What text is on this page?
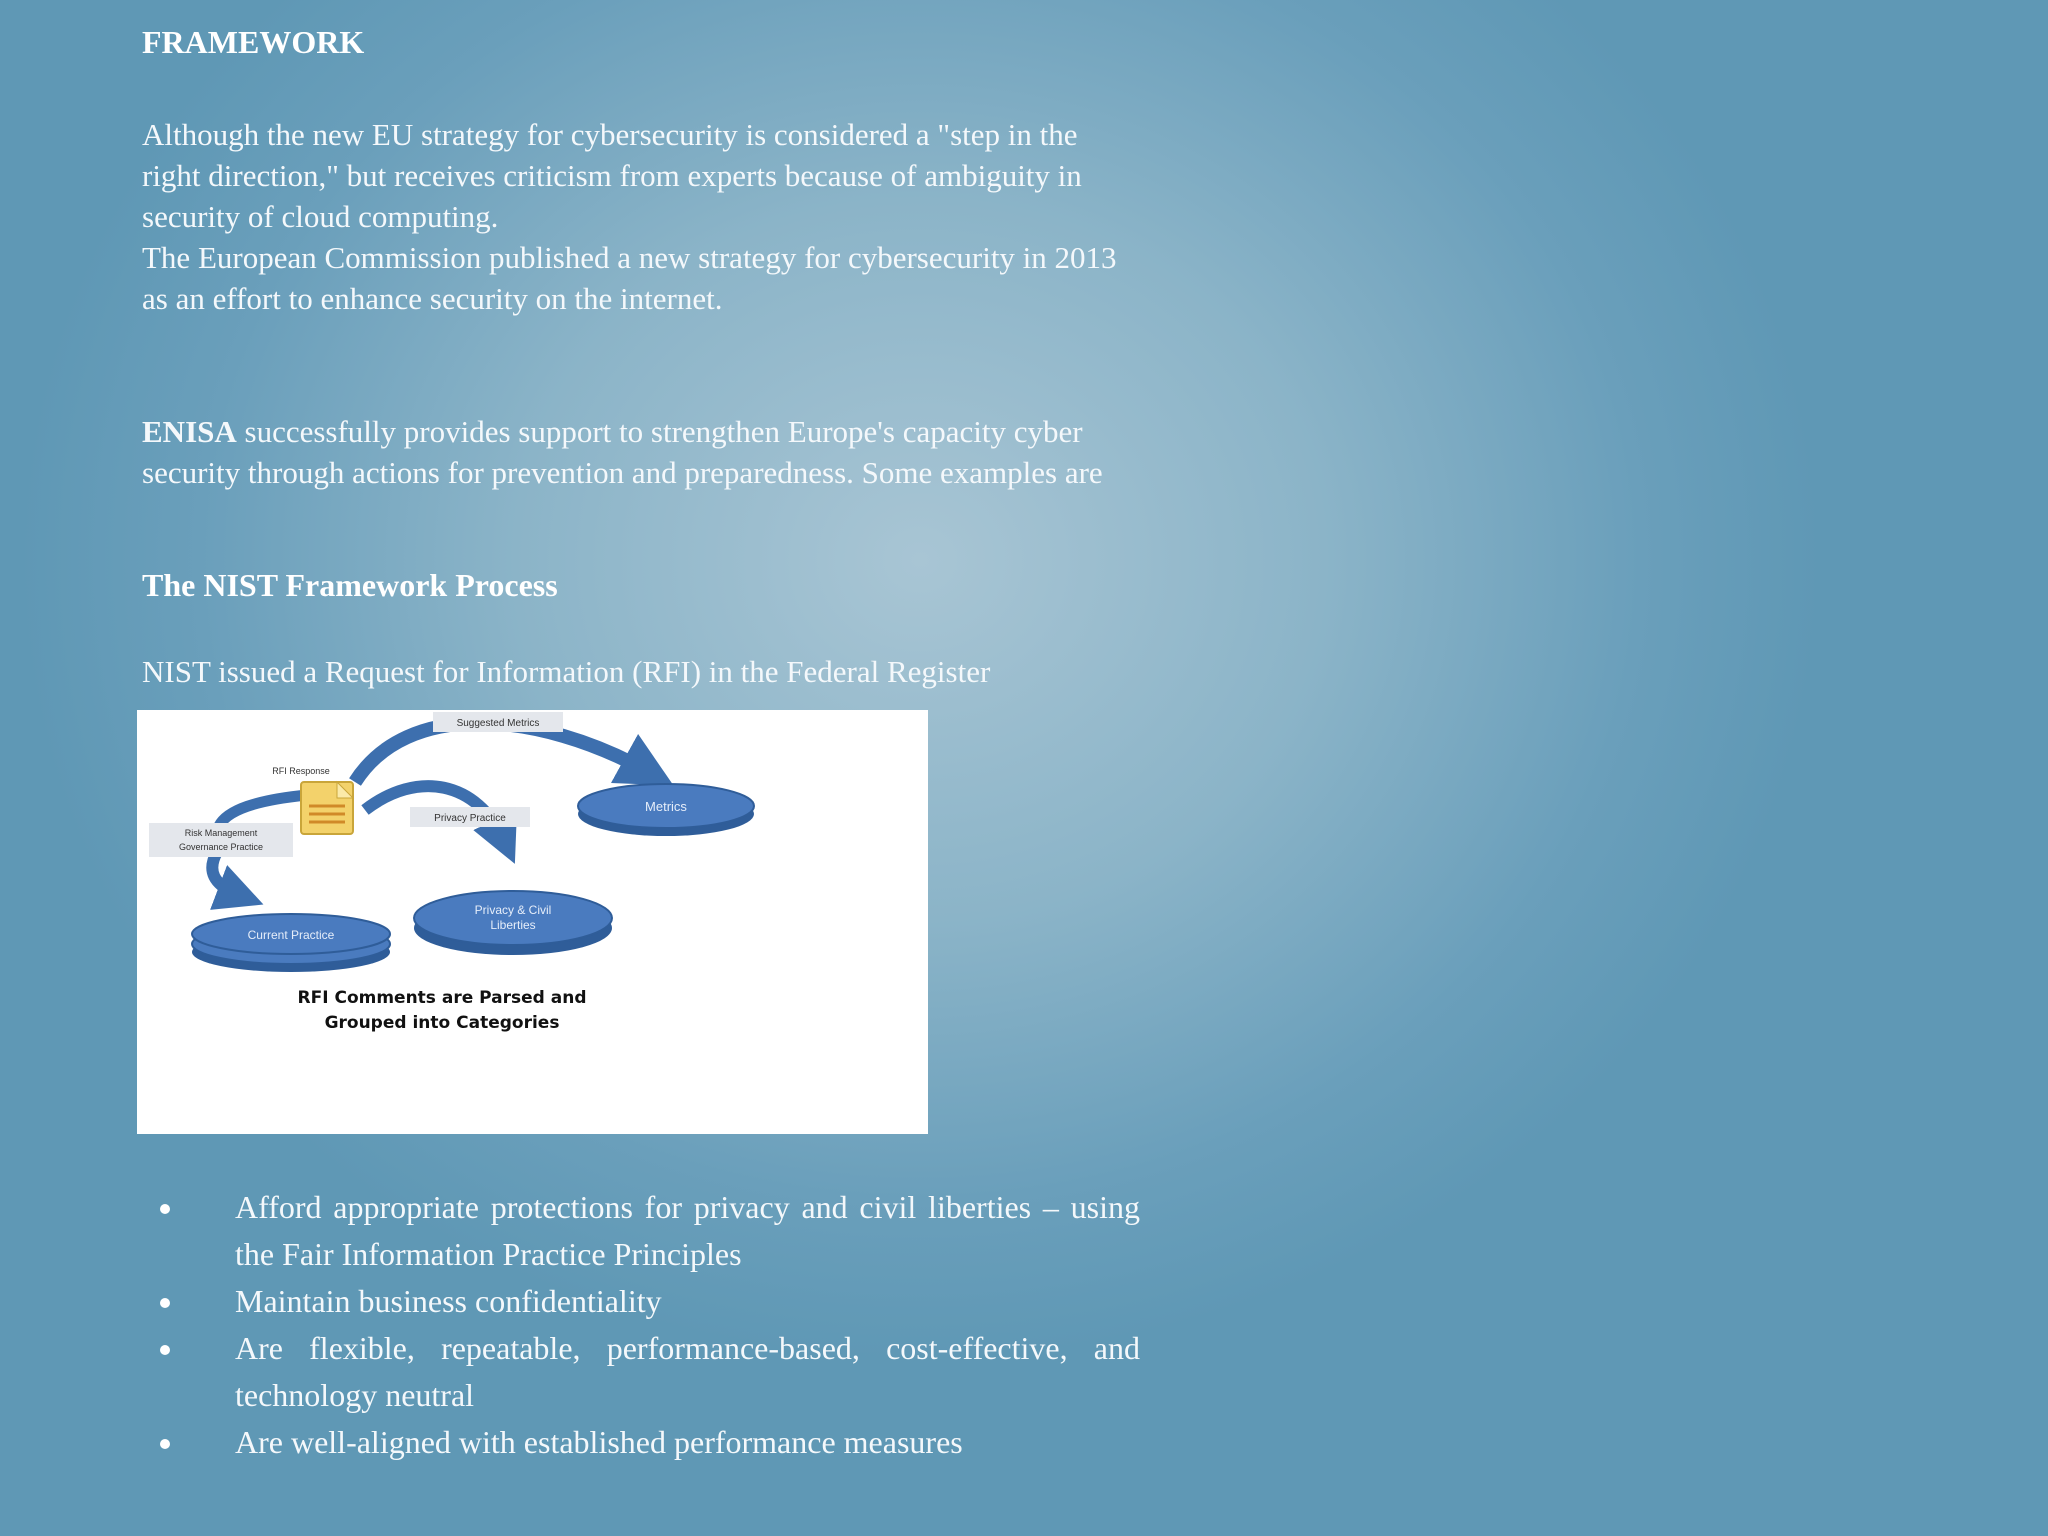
FRAMEWORK

Although the new EU strategy for cybersecurity is considered a "step in the right direction," but receives criticism from experts because of ambiguity in security of cloud computing.

The European Commission published a new strategy for cybersecurity in 2013 as an effort to enhance security on the internet.

ENISA successfully provides support to strengthen Europe's capacity cyber security through actions for prevention and preparedness. Some examples are

The NIST Framework Process

NIST issued a Request for Information (RFI) in the Federal Register

Suggested Metrics
RFI Response
Privacy Practice
Risk Management
Governance Practice
Metrics
Privacy & Civil
Liberties
Current Practice
RFI Comments are Parsed and
Grouped into Categories
Afford appropriate protections for privacy and civil liberties – using the Fair Information Practice Principles
Maintain business confidentiality
Are flexible, repeatable, performance-based, cost-effective, and technology neutral
Are well-aligned with established performance measures
